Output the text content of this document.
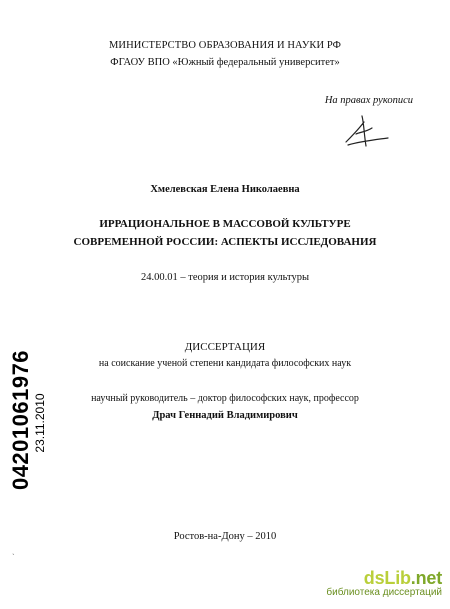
МИНИСТЕРСТВО ОБРАЗОВАНИЯ И НАУКИ РФ
ФГАОУ ВПО «Южный федеральный университет»
На правах рукописи
Хмелевская Елена Николаевна
ИРРАЦИОНАЛЬНОЕ В МАССОВОЙ КУЛЬТУРЕ
СОВРЕМЕННОЙ РОССИИ: АСПЕКТЫ ИССЛЕДОВАНИЯ
24.00.01 – теория и история культуры
ДИССЕРТАЦИЯ
на соискание ученой степени кандидата философских наук
научный руководитель – доктор философских наук, профессор
Драч Геннадий Владимирович
Ростов-на-Дону – 2010
04201061976 23.11.2010
ˎ
dsLib.net
библиотека диссертаций
